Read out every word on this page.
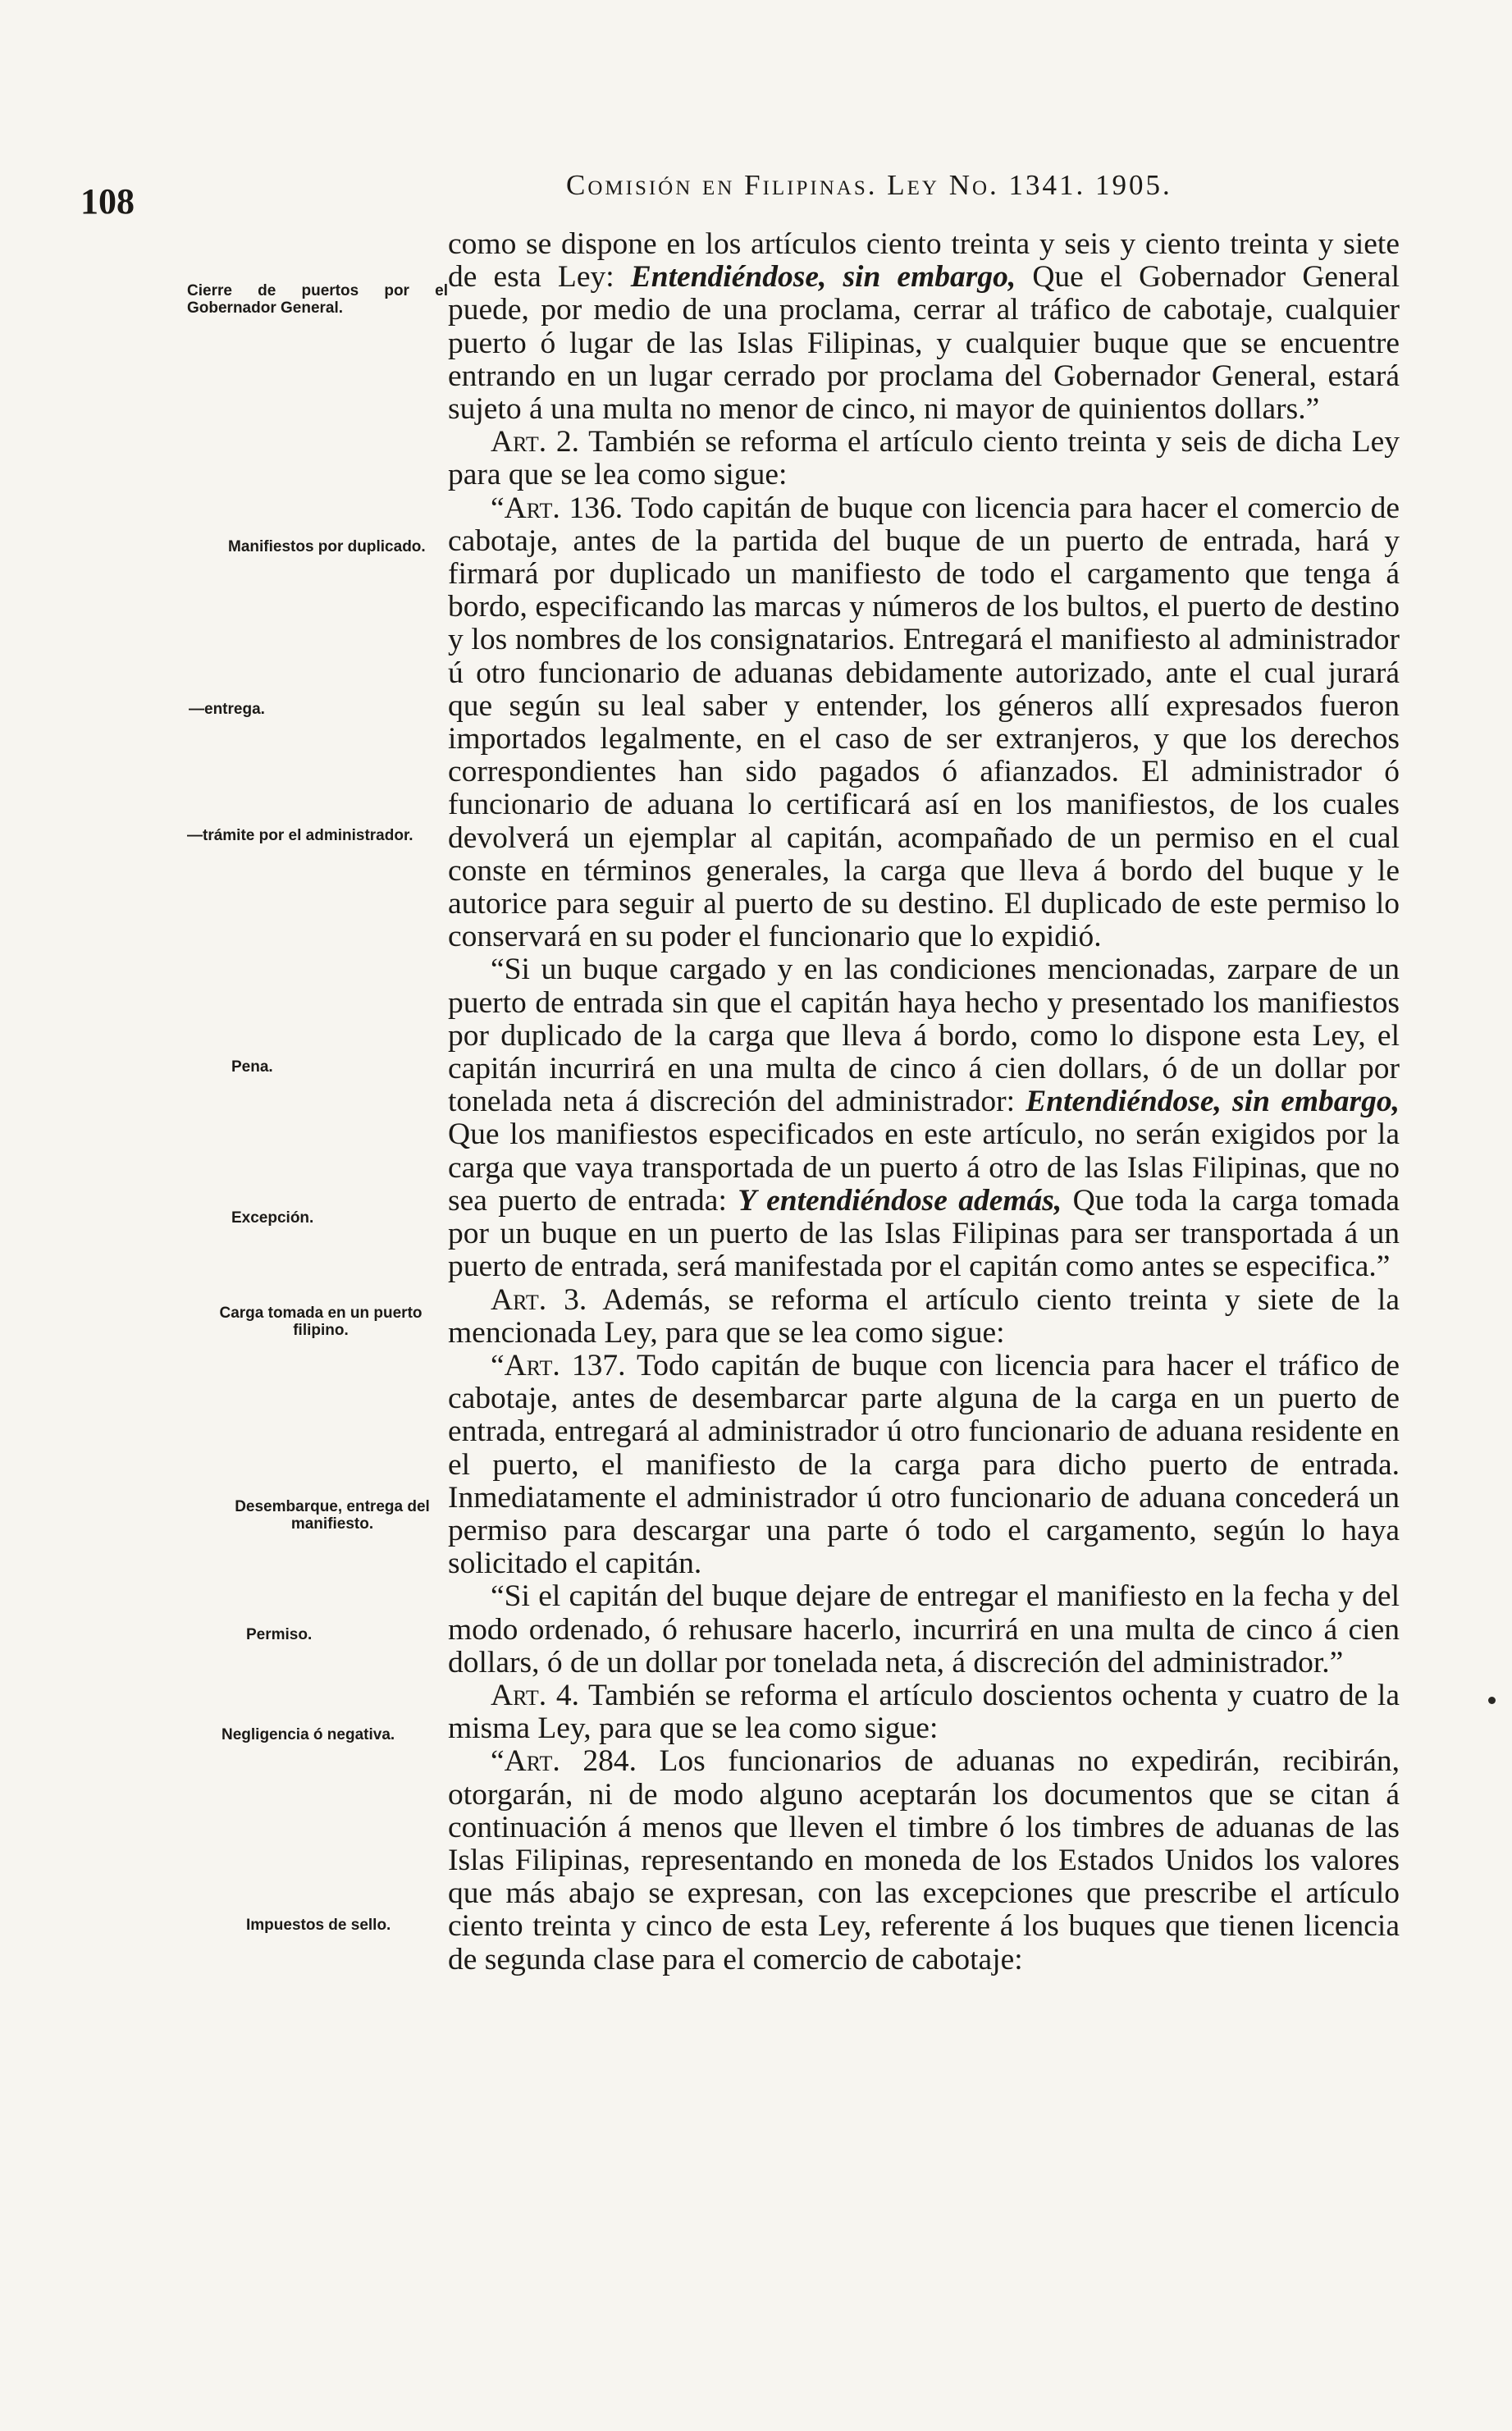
108	Comisión en Filipinas. Ley No. 1341. 1905.
Cierre de puertos por el Gobernador General.
Manifiestos por duplicado.
—entrega.
—trámite por el administrador.
Pena.
Excepción.
Carga tomada en un puerto filipino.
Desembarque, entrega del manifiesto.
Permiso.
Negligencia ó negativa.
Impuestos de sello.

como se dispone en los artículos ciento treinta y seis y ciento treinta y siete de esta Ley: Entendiéndose, sin embargo, Que el Gobernador General puede, por medio de una proclama, cerrar al tráfico de cabotaje, cualquier puerto ó lugar de las Islas Filipinas, y cualquier buque que se encuentre entrando en un lugar cerrado por proclama del Gobernador General, estará sujeto á una multa no menor de cinco, ni mayor de quinientos dollars.”

Art. 2. También se reforma el artículo ciento treinta y seis de dicha Ley para que se lea como sigue:

“Art. 136. Todo capitán de buque con licencia para hacer el comercio de cabotaje, antes de la partida del buque de un puerto de entrada, hará y firmará por duplicado un manifiesto de todo el cargamento que tenga á bordo, especificando las marcas y números de los bultos, el puerto de destino y los nombres de los consignatarios. Entregará el manifiesto al administrador ú otro funcionario de aduanas debidamente autorizado, ante el cual jurará que según su leal saber y entender, los géneros allí expresados fueron importados legalmente, en el caso de ser extranjeros, y que los derechos correspondientes han sido pagados ó afianzados. El administrador ó funcionario de aduana lo certificará así en los manifiestos, de los cuales devolverá un ejemplar al capitán, acompañado de un permiso en el cual conste en términos generales, la carga que lleva á bordo del buque y le autorice para seguir al puerto de su destino. El duplicado de este permiso lo conservará en su poder el funcionario que lo expidió.

“Si un buque cargado y en las condiciones mencionadas, zarpare de un puerto de entrada sin que el capitán haya hecho y presentado los manifiestos por duplicado de la carga que lleva á bordo, como lo dispone esta Ley, el capitán incurrirá en una multa de cinco á cien dollars, ó de un dollar por tonelada neta á discreción del administrador: Entendiéndose, sin embargo, Que los manifiestos especificados en este artículo, no serán exigidos por la carga que vaya transportada de un puerto á otro de las Islas Filipinas, que no sea puerto de entrada: Y entendiéndose además, Que toda la carga tomada por un buque en un puerto de las Islas Filipinas para ser transportada á un puerto de entrada, será manifestada por el capitán como antes se especifica.”

Art. 3. Además, se reforma el artículo ciento treinta y siete de la mencionada Ley, para que se lea como sigue:

“Art. 137. Todo capitán de buque con licencia para hacer el tráfico de cabotaje, antes de desembarcar parte alguna de la carga en un puerto de entrada, entregará al administrador ú otro funcionario de aduana residente en el puerto, el manifiesto de la carga para dicho puerto de entrada. Inmediatamente el administrador ú otro funcionario de aduana concederá un permiso para descargar una parte ó todo el cargamento, según lo haya solicitado el capitán.

“Si el capitán del buque dejare de entregar el manifiesto en la fecha y del modo ordenado, ó rehusare hacerlo, incurrirá en una multa de cinco á cien dollars, ó de un dollar por tonelada neta, á discreción del administrador.”

Art. 4. También se reforma el artículo doscientos ochenta y cuatro de la misma Ley, para que se lea como sigue:

“Art. 284. Los funcionarios de aduanas no expedirán, recibirán, otorgarán, ni de modo alguno aceptarán los documentos que se citan á continuación á menos que lleven el timbre ó los timbres de aduanas de las Islas Filipinas, representando en moneda de los Estados Unidos los valores que más abajo se expresan, con las excepciones que prescribe el artículo ciento treinta y cinco de esta Ley, referente á los buques que tienen licencia de segunda clase para el comercio de cabotaje:
